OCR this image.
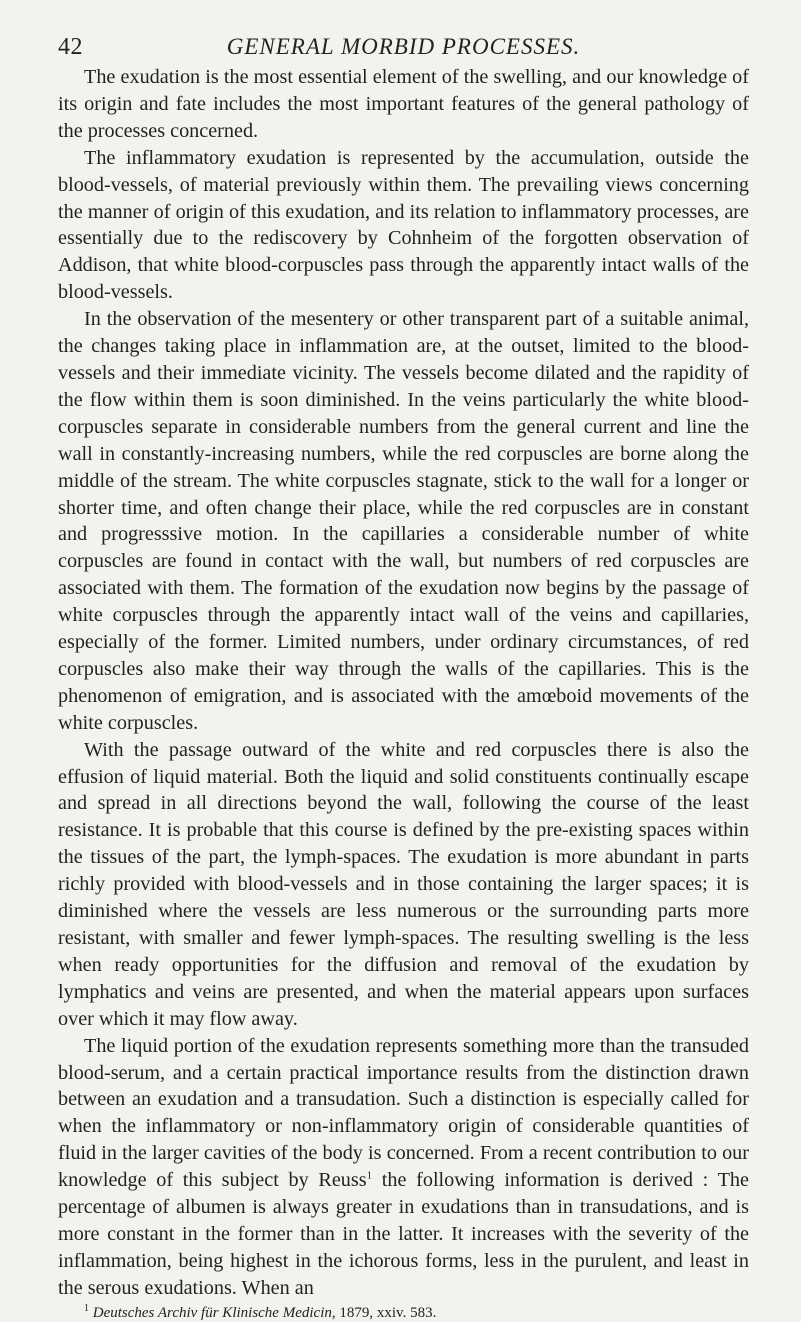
42	GENERAL MORBID PROCESSES.

The exudation is the most essential element of the swelling, and our knowledge of its origin and fate includes the most important features of the general pathology of the processes concerned.

The inflammatory exudation is represented by the accumulation, outside the blood-vessels, of material previously within them. The prevailing views concerning the manner of origin of this exudation, and its relation to inflammatory processes, are essentially due to the rediscovery by Cohnheim of the forgotten observation of Addison, that white blood-corpuscles pass through the apparently intact walls of the blood-vessels.

In the observation of the mesentery or other transparent part of a suitable animal, the changes taking place in inflammation are, at the outset, limited to the blood-vessels and their immediate vicinity. The vessels become dilated and the rapidity of the flow within them is soon diminished. In the veins particularly the white blood-corpuscles separate in considerable numbers from the general current and line the wall in constantly-increasing numbers, while the red corpuscles are borne along the middle of the stream. The white corpuscles stagnate, stick to the wall for a longer or shorter time, and often change their place, while the red corpuscles are in constant and progresssive motion. In the capillaries a considerable number of white corpuscles are found in contact with the wall, but numbers of red corpuscles are associated with them. The formation of the exudation now begins by the passage of white corpuscles through the apparently intact wall of the veins and capillaries, especially of the former. Limited numbers, under ordinary circumstances, of red corpuscles also make their way through the walls of the capillaries. This is the phenomenon of emigration, and is associated with the amœboid movements of the white corpuscles.

With the passage outward of the white and red corpuscles there is also the effusion of liquid material. Both the liquid and solid constituents continually escape and spread in all directions beyond the wall, following the course of the least resistance. It is probable that this course is defined by the pre-existing spaces within the tissues of the part, the lymph-spaces. The exudation is more abundant in parts richly provided with blood-vessels and in those containing the larger spaces; it is diminished where the vessels are less numerous or the surrounding parts more resistant, with smaller and fewer lymph-spaces. The resulting swelling is the less when ready opportunities for the diffusion and removal of the exudation by lymphatics and veins are presented, and when the material appears upon surfaces over which it may flow away.

The liquid portion of the exudation represents something more than the transuded blood-serum, and a certain practical importance results from the distinction drawn between an exudation and a transudation. Such a distinction is especially called for when the inflammatory or non-inflammatory origin of considerable quantities of fluid in the larger cavities of the body is concerned. From a recent contribution to our knowledge of this subject by Reuss$^1$ the following information is derived : The percentage of albumen is always greater in exudations than in transudations, and is more constant in the former than in the latter. It increases with the severity of the inflammation, being highest in the ichorous forms, less in the purulent, and least in the serous exudations. When an

$^1$ Deutsches Archiv für Klinische Medicin, 1879, xxiv. 583.
